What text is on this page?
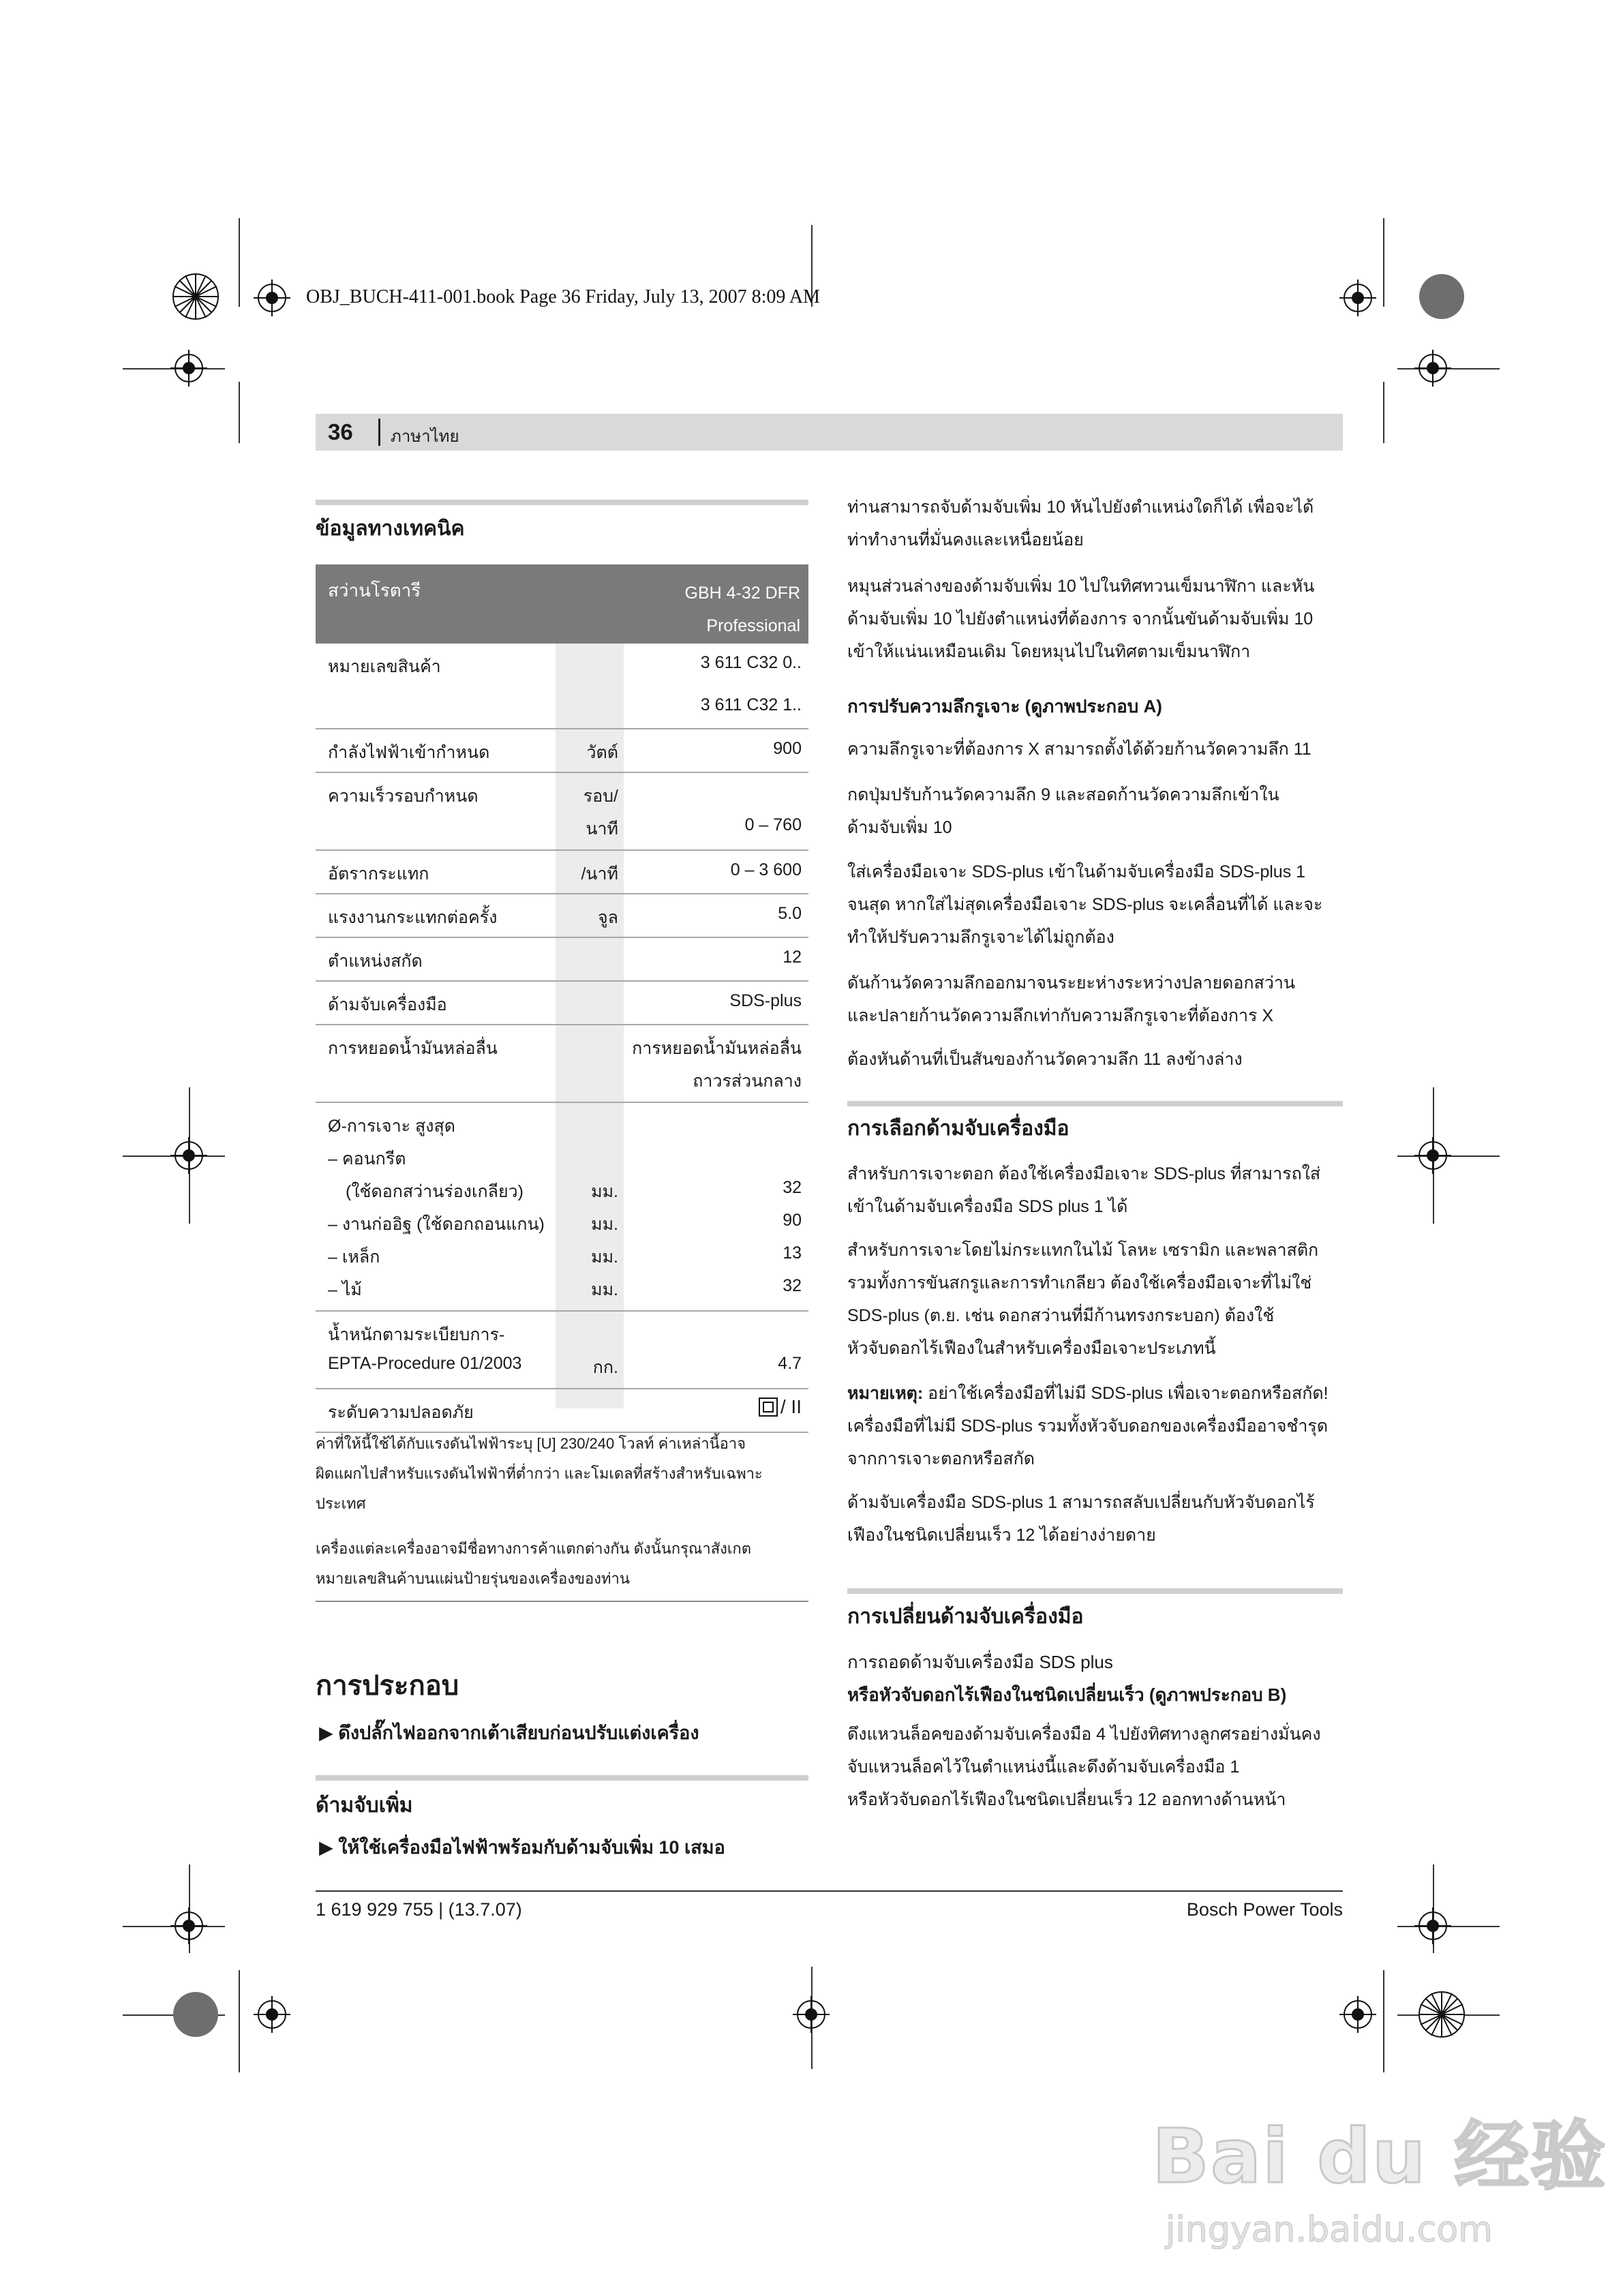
OBJ_BUCH-411-001.book Page 36 Friday, July 13, 2007 8:09 AM
36 ภาษาไทย
ข้อมูลทางเทคนิค
สว่านโรตารี	GBH 4-32 DFR
Professional
หมายเลขสินค้า	3 611 C32 0..
3 611 C32 1..
กำลังไฟฟ้าเข้ากำหนด	วัตต์	900
ความเร็วรอบกำหนด	รอบ/
นาที	0 – 760
อัตรากระแทก	/นาที	0 – 3 600
แรงงานกระแทกต่อครั้ง	จูล	5.0
ตำแหน่งสกัด	12
ด้ามจับเครื่องมือ	SDS-plus
การหยอดน้ำมันหล่อลื่น	การหยอดน้ำมันหล่อลื่น
ถาวรส่วนกลาง
Ø-การเจาะ สูงสุด
– คอนกรีต
(ใช้ดอกสว่านร่องเกลียว)	มม.	32
– งานก่ออิฐ (ใช้ดอกถอนแกน)	มม.	90
– เหล็ก	มม.	13
– ไม้	มม.	32
น้ำหนักตามระเบียบการ-
EPTA-Procedure 01/2003	กก.	4.7
ระดับความปลอดภัย	/ II
ค่าที่ให้นี้ใช้ได้กับแรงดันไฟฟ้าระบุ [U] 230/240 โวลท์ ค่าเหล่านี้อาจ
ผิดแผกไปสำหรับแรงดันไฟฟ้าที่ต่ำกว่า และโมเดลที่สร้างสำหรับเฉพาะ
ประเทศ
เครื่องแต่ละเครื่องอาจมีชื่อทางการค้าแตกต่างกัน ดังนั้นกรุณาสังเกต
หมายเลขสินค้าบนแผ่นป้ายรุ่นของเครื่องของท่าน
การประกอบ
▶ ดึงปลั๊กไฟออกจากเต้าเสียบก่อนปรับแต่งเครื่อง
ด้ามจับเพิ่ม
▶ ให้ใช้เครื่องมือไฟฟ้าพร้อมกับด้ามจับเพิ่ม 10 เสมอ
ท่านสามารถจับด้ามจับเพิ่ม 10 หันไปยังตำแหน่งใดก็ได้ เพื่อจะได้
ท่าทำงานที่มั่นคงและเหนื่อยน้อย
หมุนส่วนล่างของด้ามจับเพิ่ม 10 ไปในทิศทวนเข็มนาฬิกา และหัน
ด้ามจับเพิ่ม 10 ไปยังตำแหน่งที่ต้องการ จากนั้นขันด้ามจับเพิ่ม 10
เข้าให้แน่นเหมือนเดิม โดยหมุนไปในทิศตามเข็มนาฬิกา
การปรับความลึกรูเจาะ (ดูภาพประกอบ A)
ความลึกรูเจาะที่ต้องการ X สามารถตั้งได้ด้วยก้านวัดความลึก 11
กดปุ่มปรับก้านวัดความลึก 9 และสอดก้านวัดความลึกเข้าใน
ด้ามจับเพิ่ม 10
ใส่เครื่องมือเจาะ SDS-plus เข้าในด้ามจับเครื่องมือ SDS-plus 1
จนสุด หากใส่ไม่สุดเครื่องมือเจาะ SDS-plus จะเคลื่อนที่ได้ และจะ
ทำให้ปรับความลึกรูเจาะได้ไม่ถูกต้อง
ดันก้านวัดความลึกออกมาจนระยะห่างระหว่างปลายดอกสว่าน
และปลายก้านวัดความลึกเท่ากับความลึกรูเจาะที่ต้องการ X
ต้องหันด้านที่เป็นสันของก้านวัดความลึก 11 ลงข้างล่าง
การเลือกด้ามจับเครื่องมือ
สำหรับการเจาะตอก ต้องใช้เครื่องมือเจาะ SDS-plus ที่สามารถใส่
เข้าในด้ามจับเครื่องมือ SDS plus 1 ได้
สำหรับการเจาะโดยไม่กระแทกในไม้ โลหะ เซรามิก และพลาสติก
รวมทั้งการขันสกรูและการทำเกลียว ต้องใช้เครื่องมือเจาะที่ไม่ใช่
SDS-plus (ต.ย. เช่น ดอกสว่านที่มีก้านทรงกระบอก) ต้องใช้
หัวจับดอกไร้เฟืองในสำหรับเครื่องมือเจาะประเภทนี้
หมายเหตุ: อย่าใช้เครื่องมือที่ไม่มี SDS-plus เพื่อเจาะตอกหรือสกัด!
เครื่องมือที่ไม่มี SDS-plus รวมทั้งหัวจับดอกของเครื่องมืออาจชำรุด
จากการเจาะตอกหรือสกัด
ด้ามจับเครื่องมือ SDS-plus 1 สามารถสลับเปลี่ยนกับหัวจับดอกไร้
เฟืองในชนิดเปลี่ยนเร็ว 12 ได้อย่างง่ายดาย
การเปลี่ยนด้ามจับเครื่องมือ
การถอดด้ามจับเครื่องมือ SDS plus
หรือหัวจับดอกไร้เฟืองในชนิดเปลี่ยนเร็ว (ดูภาพประกอบ B)
ดึงแหวนล็อคของด้ามจับเครื่องมือ 4 ไปยังทิศทางลูกศรอย่างมั่นคง
จับแหวนล็อคไว้ในตำแหน่งนี้และดึงด้ามจับเครื่องมือ 1
หรือหัวจับดอกไร้เฟืองในชนิดเปลี่ยนเร็ว 12 ออกทางด้านหน้า
1 619 929 755 | (13.7.07)	Bosch Power Tools
Bai du 经验
jingyan.baidu.com
